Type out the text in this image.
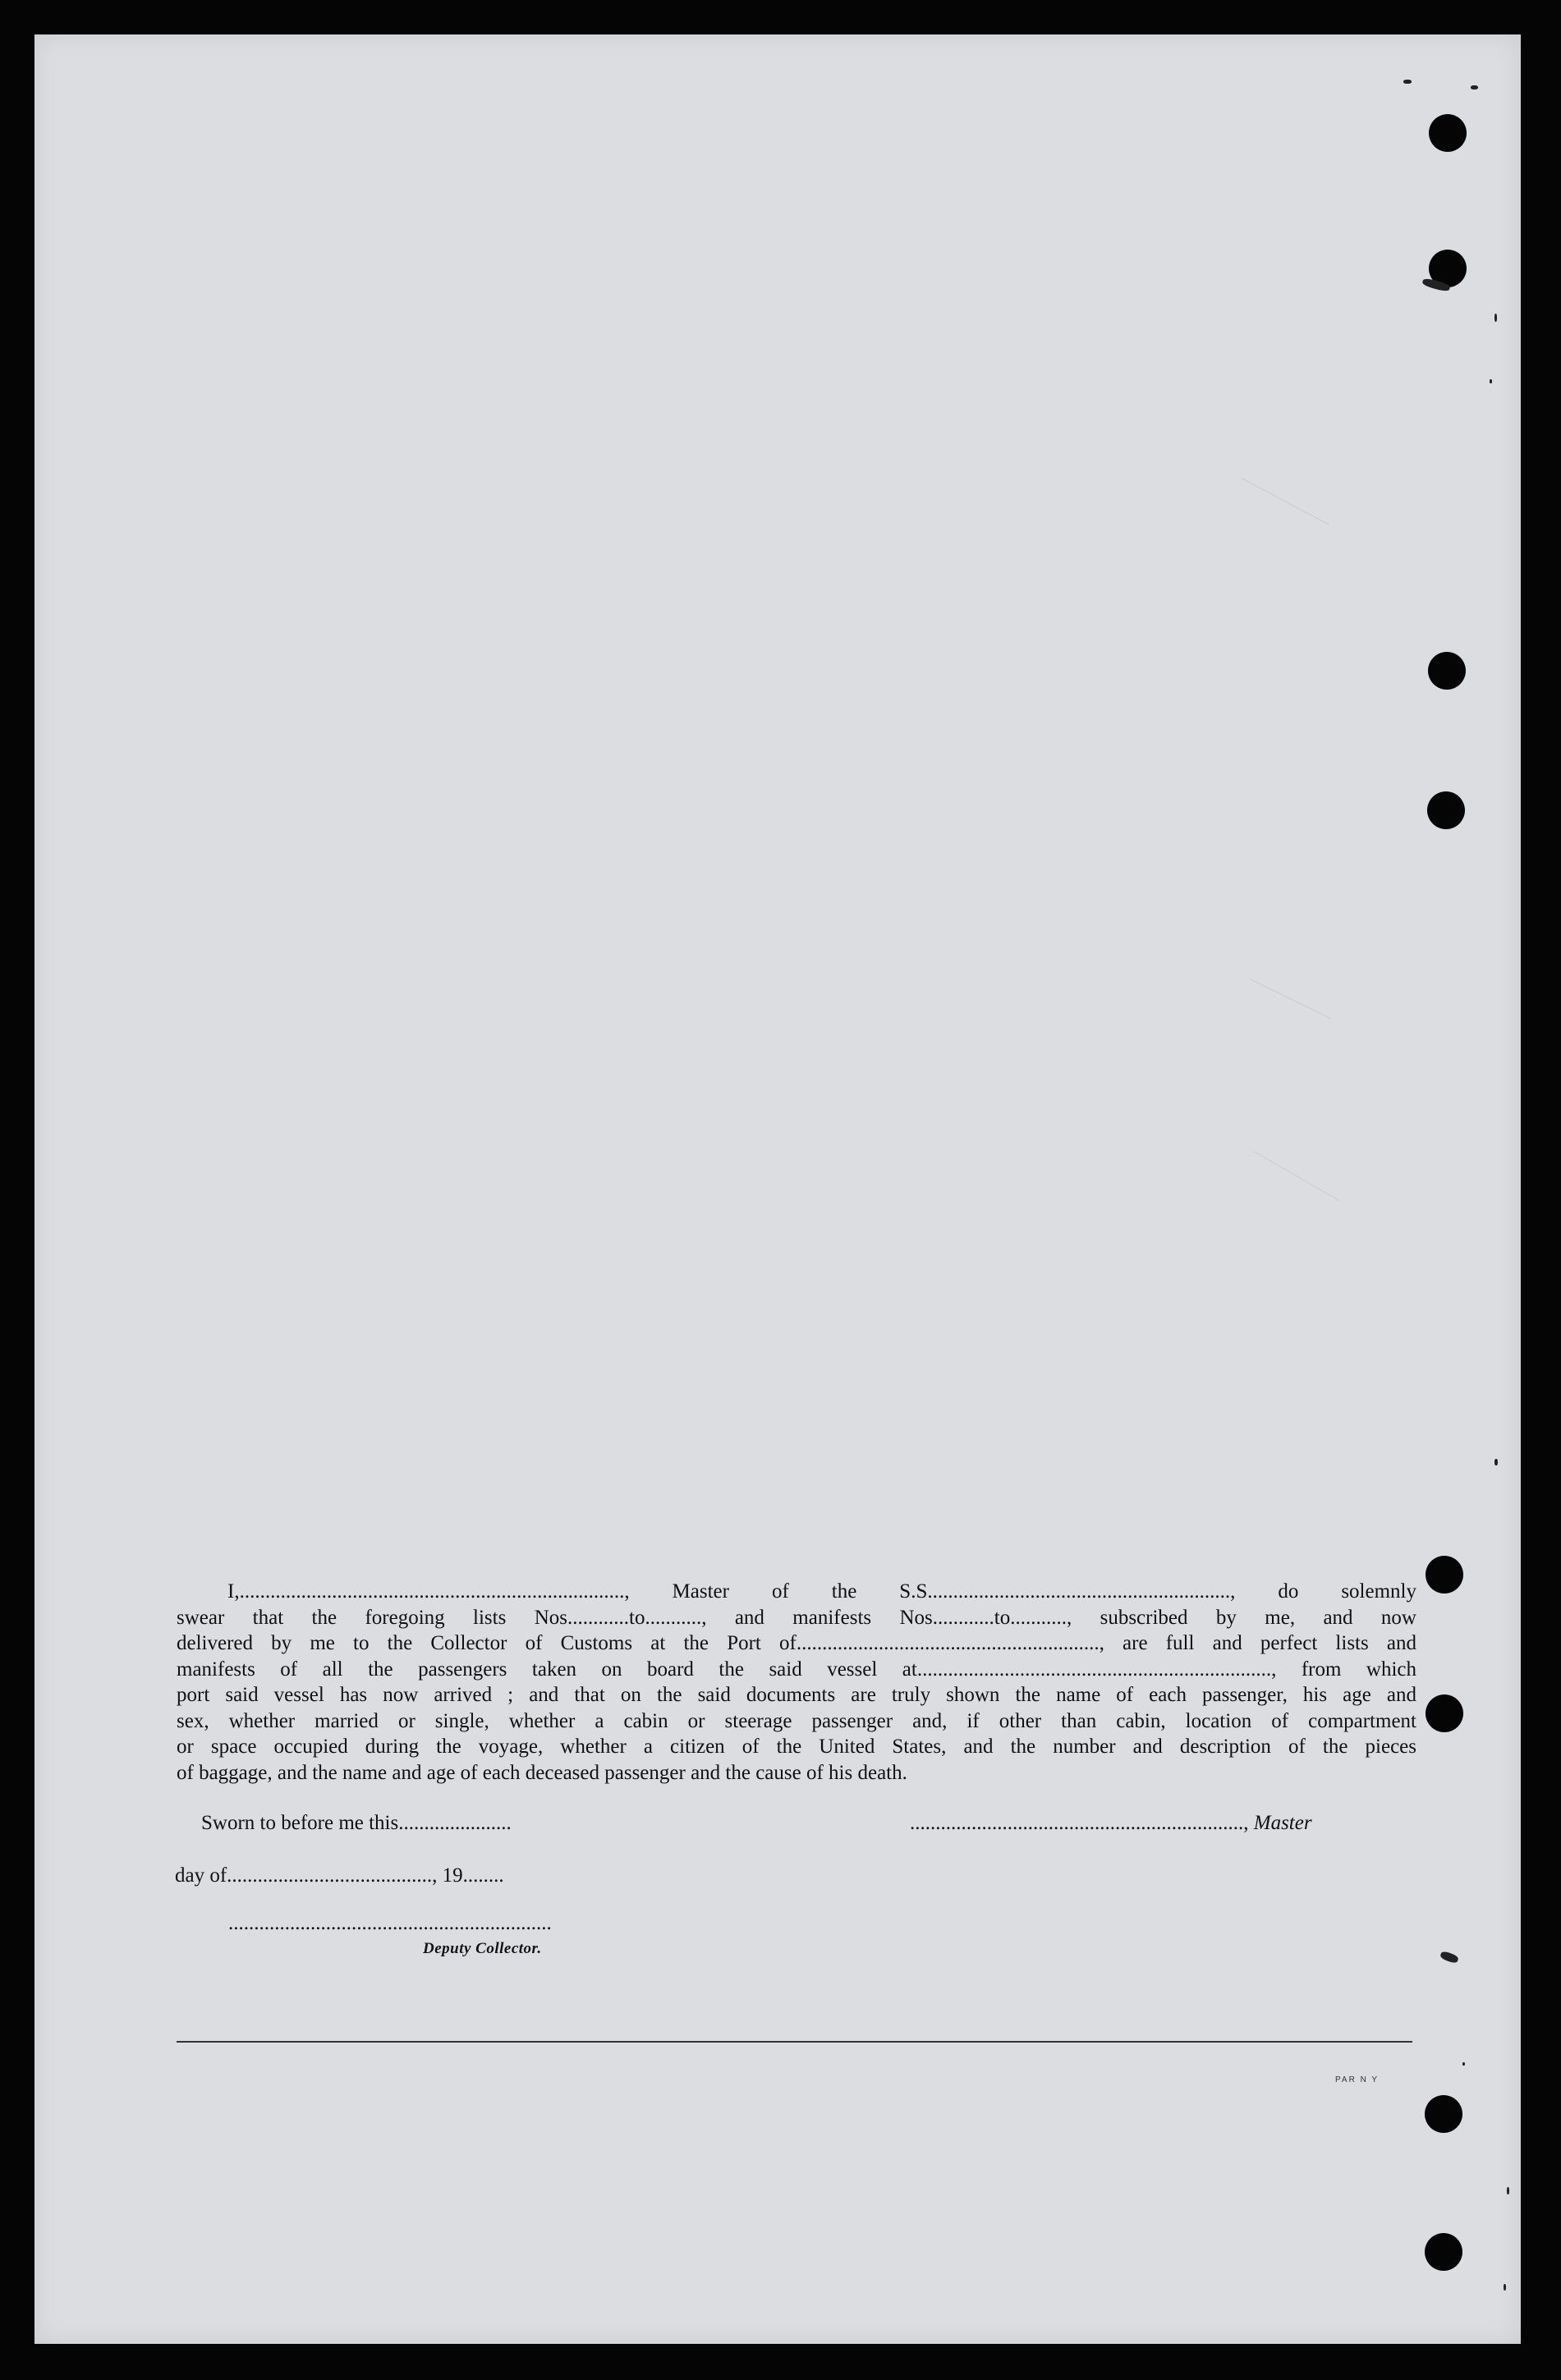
I,..........................................................................., Master of the S.S..........................................................., do solemnly

swear that the foregoing lists Nos............to..........., and manifests Nos............to..........., subscribed by me, and now

delivered by me to the Collector of Customs at the Port of..........................................................., are full and perfect lists and

manifests of all the passengers taken on board the said vessel at....................................................................., from which

port said vessel has now arrived ; and that on the said documents are truly shown the name of each passenger, his age and

sex, whether married or single, whether a cabin or steerage passenger and, if other than cabin, location of compartment

or space occupied during the voyage, whether a citizen of the United States, and the number and description of the pieces

of baggage, and the name and age of each deceased passenger and the cause of his death.

Sworn to before me this......................	................................................................., Master
day of........................................, 19........
...............................................................
Deputy Collector.
PAR N Y
